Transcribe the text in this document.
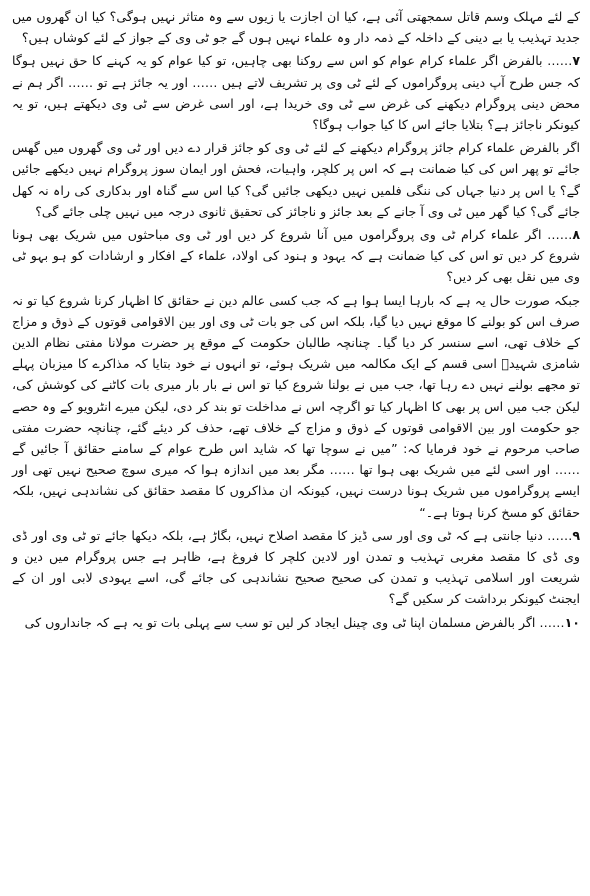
کے لئے مہلک وسم قاتل سمجھتی آئی ہے، کیا ان اجازت یا زیوں سے وہ متاثر نہیں ہوگی؟ کیا ان گھروں میں جدید تہذیب یا بے دینی کے داخلہ کے ذمہ دار وہ علماء نہیں ہوں گے جو ٹی وی کے جواز کے لئے کوشاں ہیں؟

۷…… بالفرض اگر علماء کرام عوام کو اس سے روکنا بھی چاہیں، تو کیا عوام کو یہ کہنے کا حق نہیں ہوگا کہ جس طرح آپ دینی پروگراموں کے لئے ٹی وی پر تشریف لاتے ہیں …… اور یہ جائز ہے تو …… اگر ہم نے محض دینی پروگرام دیکھنے کی غرض سے ٹی وی خریدا ہے، اور اسی غرض سے ٹی وی دیکھتے ہیں، تو یہ کیونکر ناجائز ہے؟ بتلایا جائے اس کا کیا جواب ہوگا؟

اگر بالفرض علماء کرام جائز پروگرام دیکھنے کے لئے ٹی وی کو جائز قرار دے دیں اور ٹی وی گھروں میں گھس جائے تو پھر اس کی کیا ضمانت ہے کہ اس پر کلچر، واہیات، فحش اور ایمان سوز پروگرام نہیں دیکھے جائیں گے؟ یا اس پر دنیا جہاں کی ننگی فلمیں نہیں دیکھی جائیں گی؟ کیا اس سے گناہ اور بدکاری کی راہ نہ کھل جائے گی؟ کیا گھر میں ٹی وی آ جانے کے بعد جائز و ناجائز کی تحقیق ثانوی درجہ میں نہیں چلی جائے گی؟

۸…… اگر علماء کرام ٹی وی پروگراموں میں آنا شروع کر دیں اور ٹی وی مباحثوں میں شریک بھی ہونا شروع کر دیں تو اس کی کیا ضمانت ہے کہ یہود و ہنود کی اولاد، علماء کے افکار و ارشادات کو ہو بہو ٹی وی میں نقل بھی کر دیں؟

جبکہ صورت حال یہ ہے کہ بارہا ایسا ہوا ہے کہ جب کسی عالم دین نے حقائق کا اظہار کرنا شروع کیا تو نہ صرف اس کو بولنے کا موقع نہیں دیا گیا، بلکہ اس کی جو بات ٹی وی اور بین الاقوامی قوتوں کے ذوق و مزاج کے خلاف تھی، اسے سنسر کر دیا گیا۔ چنانچہ طالبان حکومت کے موقع پر حضرت مولانا مفتی نظام الدین شامزی شہیدؒ اسی قسم کے ایک مکالمہ میں شریک ہوئے، تو انہوں نے خود بتایا کہ مذاکرے کا میزبان پہلے تو مجھے بولنے نہیں دے رہا تھا، جب میں نے بولنا شروع کیا تو اس نے بار بار میری بات کاٹنے کی کوشش کی، لیکن جب میں اس پر بھی کا اظہار کیا تو اگرچہ اس نے مداخلت تو بند کر دی، لیکن میرے انٹرویو کے وہ حصے جو حکومت اور بین الاقوامی قوتوں کے ذوق و مزاج کے خلاف تھے، حذف کر دیئے گئے، چنانچہ حضرت مفتی صاحب مرحوم نے خود فرمایا کہ: ”میں نے سوچا تھا کہ شاید اس طرح عوام کے سامنے حقائق آ جائیں گے …… اور اسی لئے میں شریک بھی ہوا تھا …… مگر بعد میں اندازہ ہوا کہ میری سوچ صحیح نہیں تھی اور ایسے پروگراموں میں شریک ہونا درست نہیں، کیونکہ ان مذاکروں کا مقصد حقائق کی نشاندہی نہیں، بلکہ حقائق کو مسخ کرنا ہوتا ہے۔“

۹…… دنیا جانتی ہے کہ ٹی وی اور سی ڈیز کا مقصد اصلاح نہیں، بگاڑ ہے، بلکہ دیکھا جائے تو ٹی وی اور ڈی وی ڈی کا مقصد مغربی تہذیب و تمدن اور لادین کلچر کا فروغ ہے، ظاہر ہے جس پروگرام میں دین و شریعت اور اسلامی تہذیب و تمدن کی صحیح صحیح نشاندہی کی جائے گی، اسے یہودی لابی اور ان کے ایجنٹ کیونکر برداشت کر سکیں گے؟

۱۰…… اگر بالفرض مسلمان اپنا ٹی وی چینل ایجاد کر لیں تو سب سے پہلی بات تو یہ ہے کہ جانداروں کی
